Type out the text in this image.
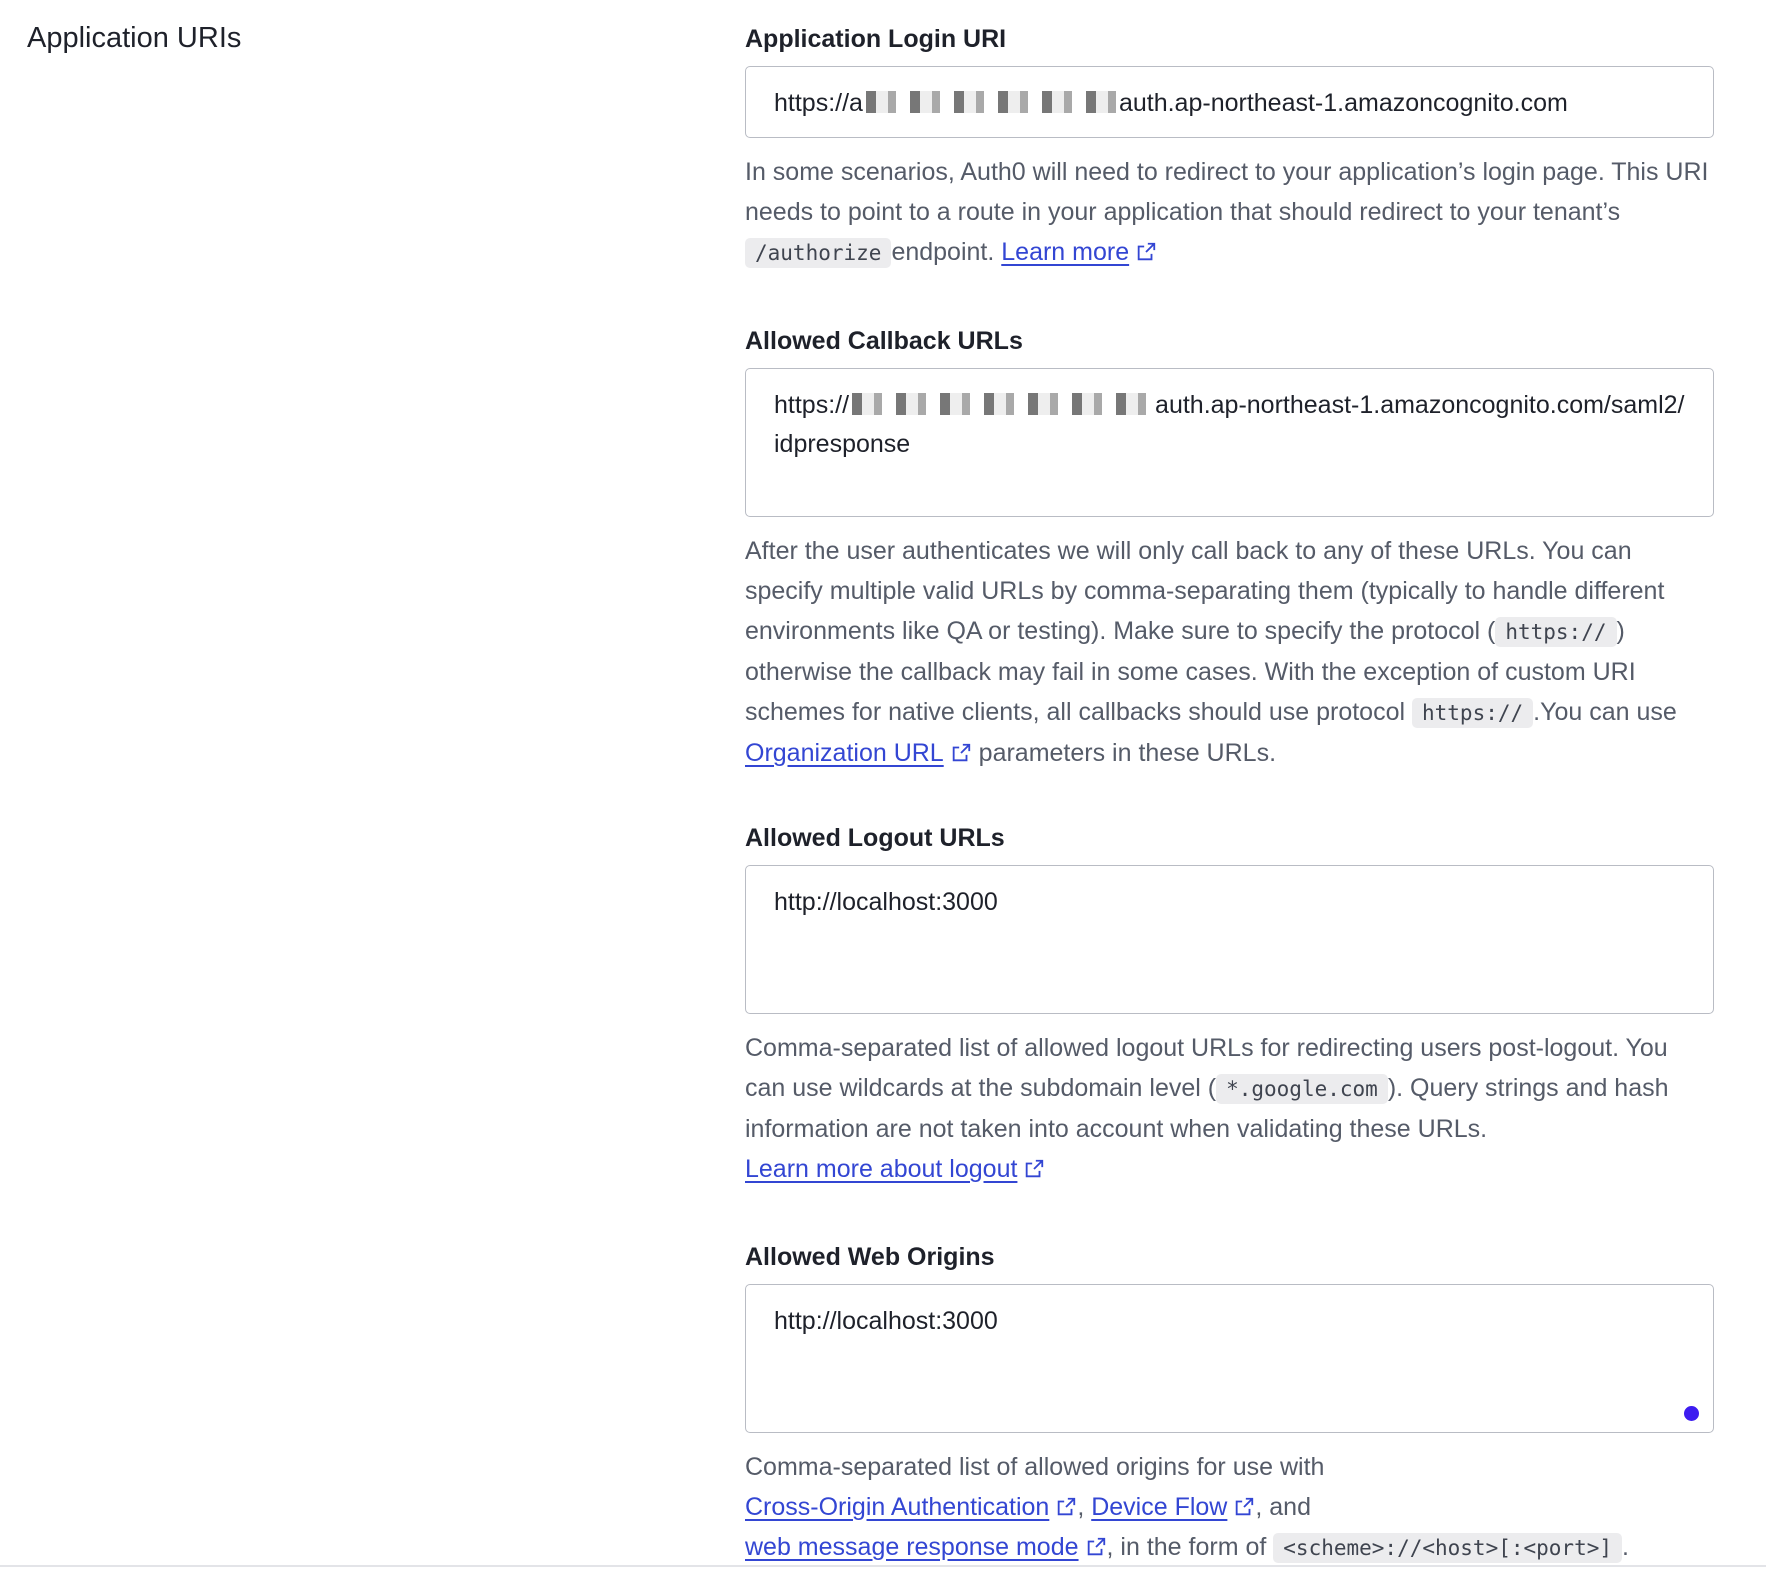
Application URIs	Application Login URI
https://a	auth.ap-northeast-1.amazoncognito.com
In some scenarios, Auth0 will need to redirect to your application’s login page. This URI needs to point to a route in your application that should redirect to your tenant’s /authorize endpoint. Learn more
Allowed Callback URLs
https://	auth.ap-northeast-1.amazoncognito.com/saml2/idpresponse
After the user authenticates we will only call back to any of these URLs. You can specify multiple valid URLs by comma-separating them (typically to handle different environments like QA or testing). Make sure to specify the protocol ( https:// ) otherwise the callback may fail in some cases. With the exception of custom URI schemes for native clients, all callbacks should use protocol https:// .You can use Organization URL parameters in these URLs.
Allowed Logout URLs
http://localhost:3000
Comma-separated list of allowed logout URLs for redirecting users post-logout. You can use wildcards at the subdomain level ( *.google.com ). Query strings and hash information are not taken into account when validating these URLs.
Learn more about logout
Allowed Web Origins
http://localhost:3000
Comma-separated list of allowed origins for use with
Cross-Origin Authentication , Device Flow , and
web message response mode , in the form of <scheme>://<host>[:<port>] .
